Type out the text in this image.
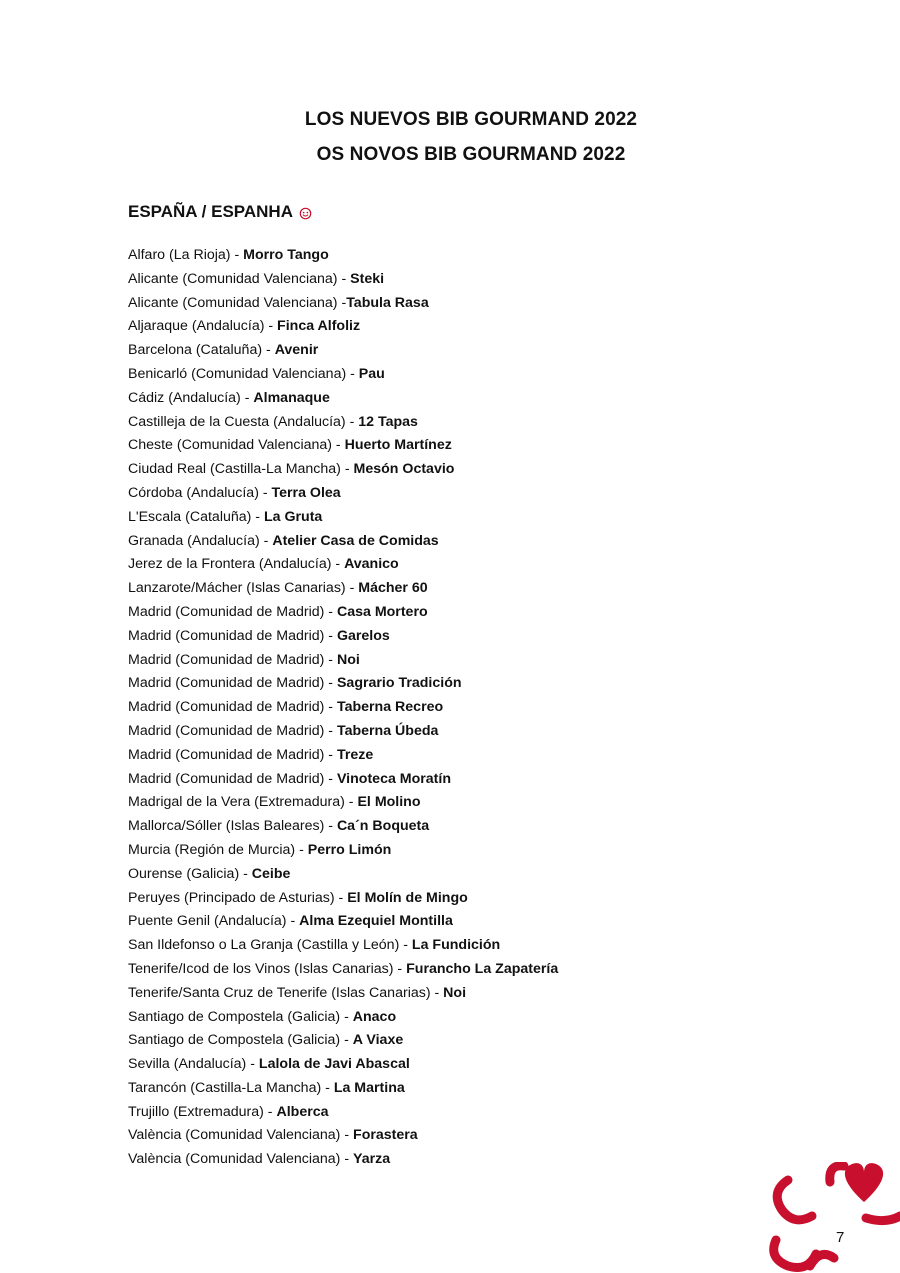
LOS NUEVOS BIB GOURMAND 2022
OS NOVOS BIB GOURMAND 2022
ESPAÑA / ESPANHA
Alfaro (La Rioja) - Morro Tango
Alicante (Comunidad Valenciana) - Steki
Alicante (Comunidad Valenciana) -Tabula Rasa
Aljaraque (Andalucía) - Finca Alfoliz
Barcelona (Cataluña) - Avenir
Benicarló (Comunidad Valenciana) - Pau
Cádiz (Andalucía) - Almanaque
Castilleja de la Cuesta (Andalucía) - 12 Tapas
Cheste (Comunidad Valenciana) - Huerto Martínez
Ciudad Real (Castilla-La Mancha) - Mesón Octavio
Córdoba (Andalucía) - Terra Olea
L'Escala (Cataluña) - La Gruta
Granada (Andalucía) - Atelier Casa de Comidas
Jerez de la Frontera (Andalucía) - Avanico
Lanzarote/Mácher (Islas Canarias) - Mácher 60
Madrid (Comunidad de Madrid) - Casa Mortero
Madrid (Comunidad de Madrid) - Garelos
Madrid (Comunidad de Madrid) - Noi
Madrid (Comunidad de Madrid) - Sagrario Tradición
Madrid (Comunidad de Madrid) - Taberna Recreo
Madrid (Comunidad de Madrid) - Taberna Úbeda
Madrid (Comunidad de Madrid) - Treze
Madrid (Comunidad de Madrid) - Vinoteca Moratín
Madrigal de la Vera (Extremadura) - El Molino
Mallorca/Sóller (Islas Baleares) - Ca´n Boqueta
Murcia (Región de Murcia) - Perro Limón
Ourense (Galicia) - Ceibe
Peruyes (Principado de Asturias) - El Molín de Mingo
Puente Genil (Andalucía) - Alma Ezequiel Montilla
San Ildefonso o La Granja (Castilla y León) - La Fundición
Tenerife/Icod de los Vinos (Islas Canarias) - Furancho La Zapatería
Tenerife/Santa Cruz de Tenerife (Islas Canarias) - Noi
Santiago de Compostela (Galicia) - Anaco
Santiago de Compostela (Galicia) - A Viaxe
Sevilla (Andalucía) - Lalola de Javi Abascal
Tarancón (Castilla-La Mancha) - La Martina
Trujillo (Extremadura) - Alberca
València (Comunidad Valenciana) - Forastera
València (Comunidad Valenciana) - Yarza
7
